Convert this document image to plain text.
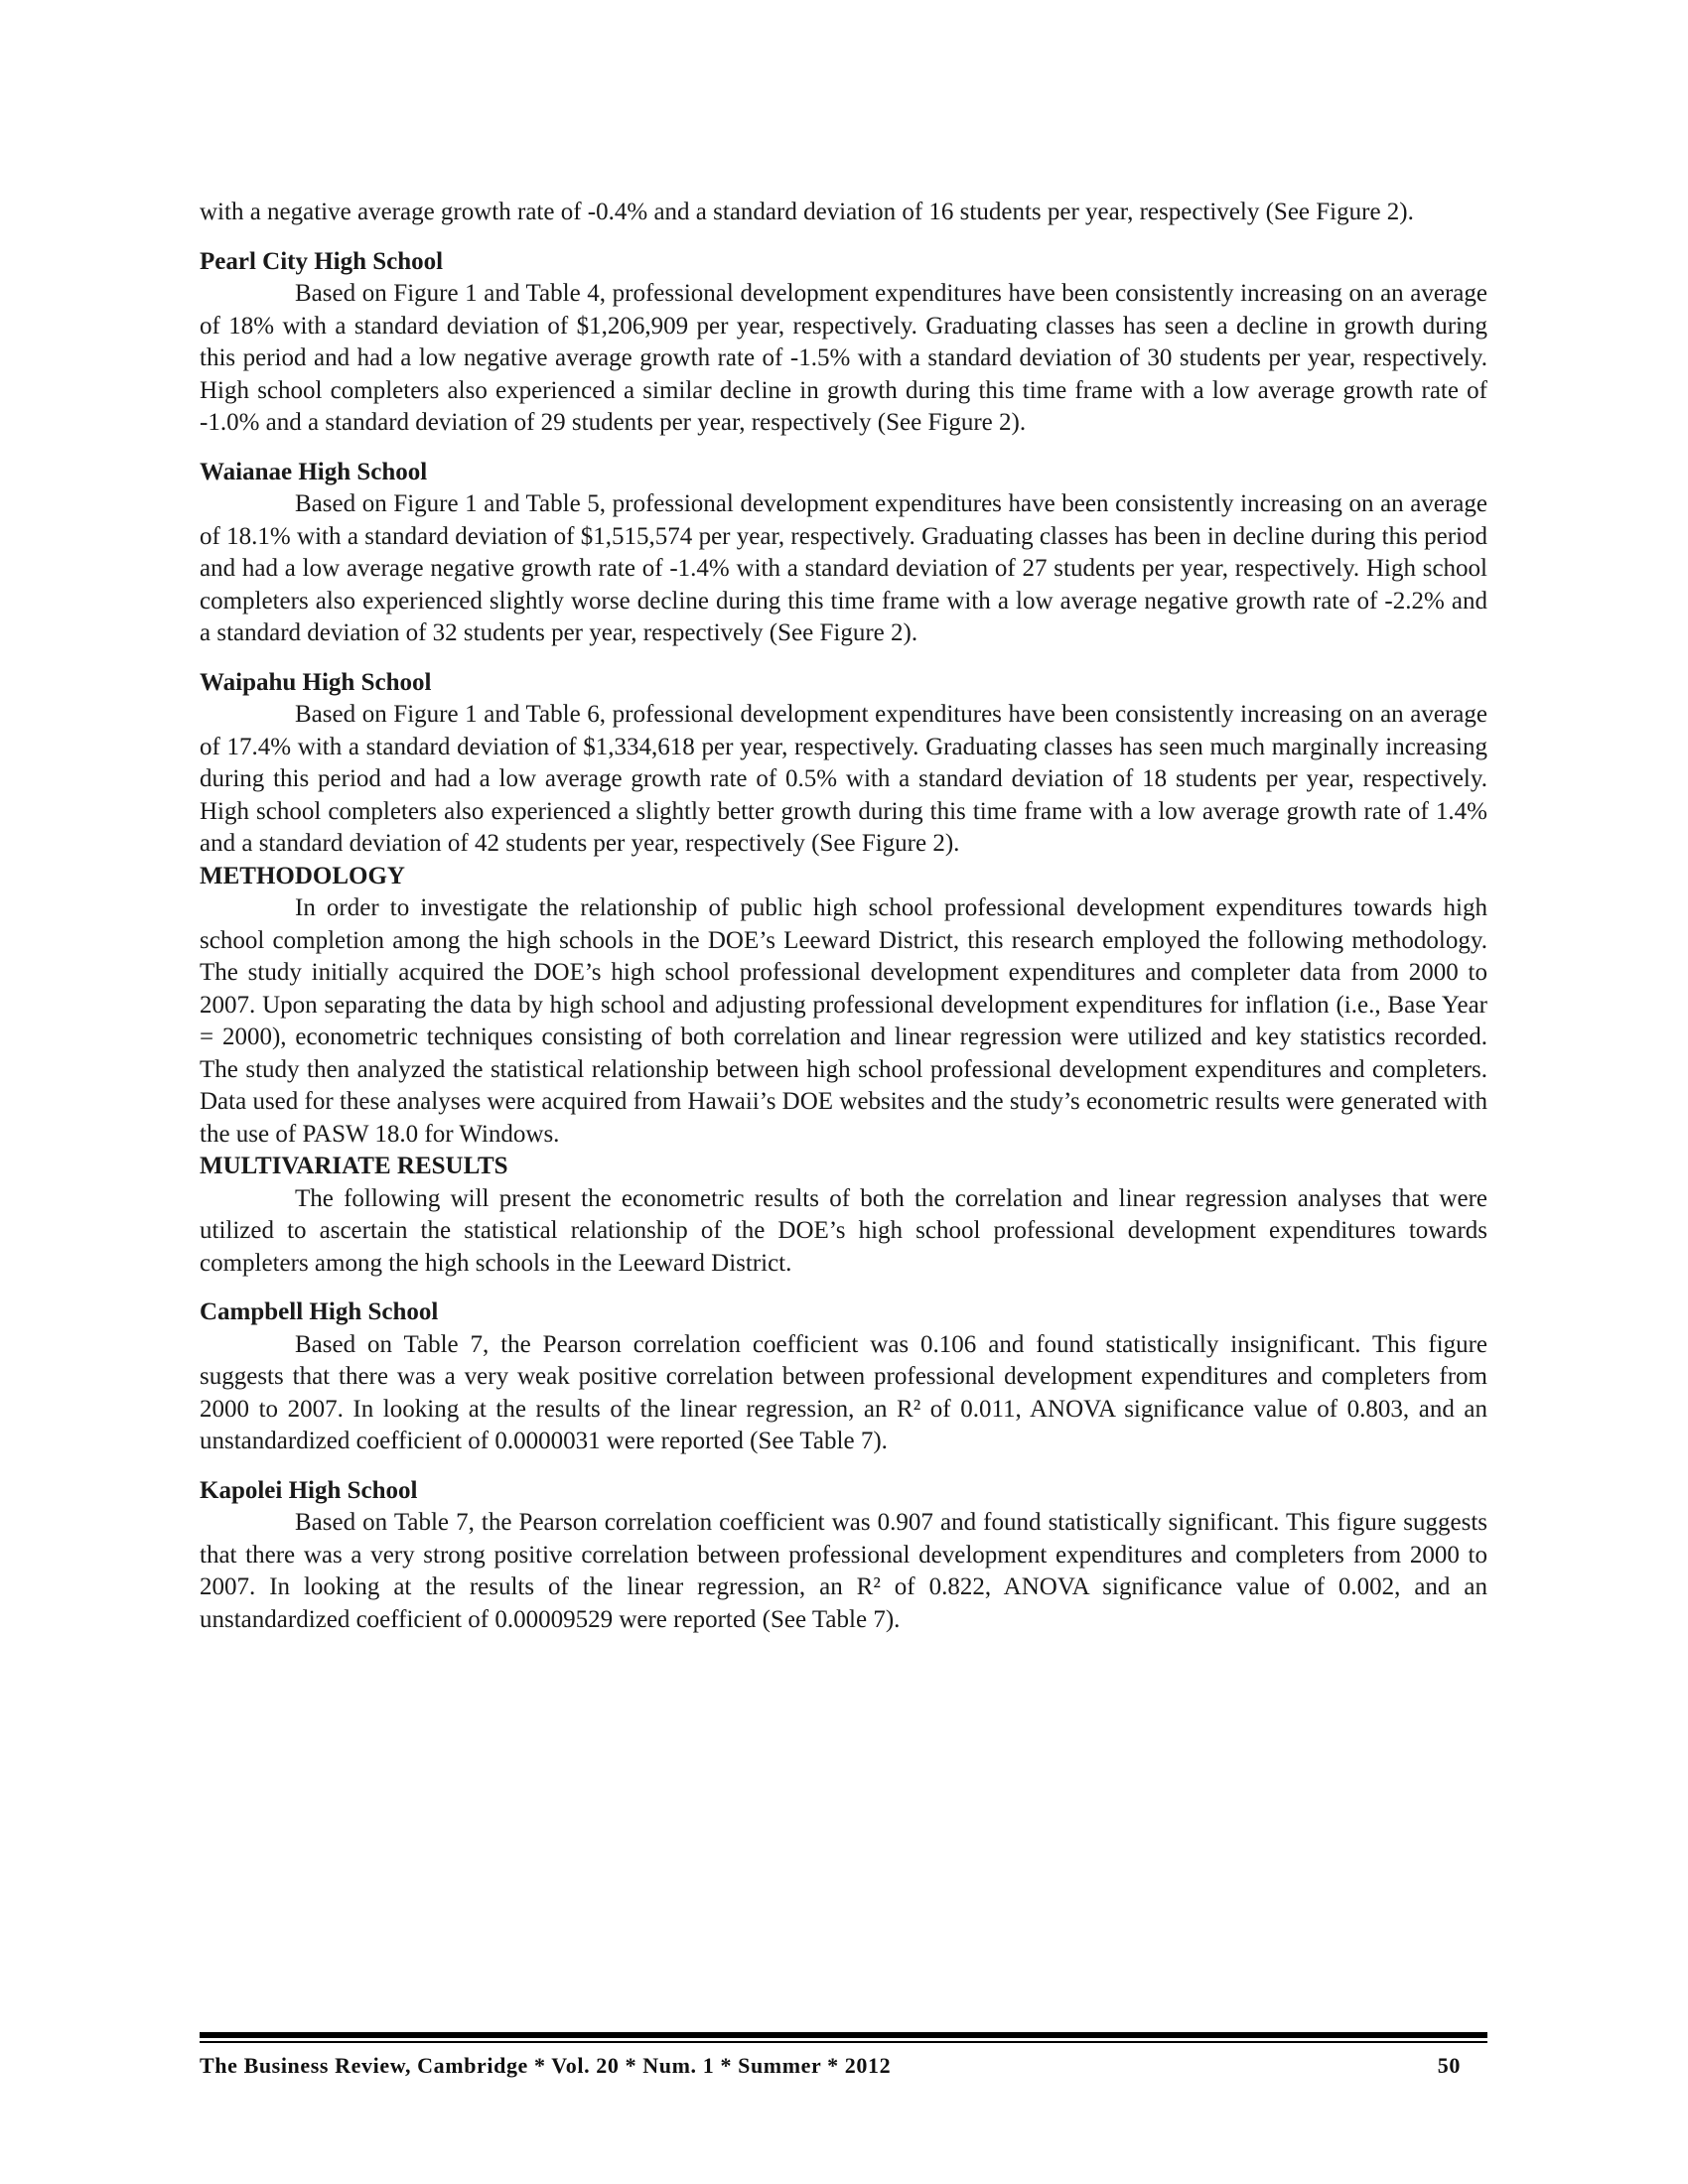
with a negative average growth rate of -0.4% and a standard deviation of 16 students per year, respectively (See Figure 2).

Pearl City High School

Based on Figure 1 and Table 4, professional development expenditures have been consistently increasing on an average of 18% with a standard deviation of $1,206,909 per year, respectively. Graduating classes has seen a decline in growth during this period and had a low negative average growth rate of -1.5% with a standard deviation of 30 students per year, respectively. High school completers also experienced a similar decline in growth during this time frame with a low average growth rate of -1.0% and a standard deviation of 29 students per year, respectively (See Figure 2).

Waianae High School

Based on Figure 1 and Table 5, professional development expenditures have been consistently increasing on an average of 18.1% with a standard deviation of $1,515,574 per year, respectively. Graduating classes has been in decline during this period and had a low average negative growth rate of -1.4% with a standard deviation of 27 students per year, respectively. High school completers also experienced slightly worse decline during this time frame with a low average negative growth rate of -2.2% and a standard deviation of 32 students per year, respectively (See Figure 2).

Waipahu High School

Based on Figure 1 and Table 6, professional development expenditures have been consistently increasing on an average of 17.4% with a standard deviation of $1,334,618 per year, respectively. Graduating classes has seen much marginally increasing during this period and had a low average growth rate of 0.5% with a standard deviation of 18 students per year, respectively. High school completers also experienced a slightly better growth during this time frame with a low average growth rate of 1.4% and a standard deviation of 42 students per year, respectively (See Figure 2).

METHODOLOGY

In order to investigate the relationship of public high school professional development expenditures towards high school completion among the high schools in the DOE’s Leeward District, this research employed the following methodology. The study initially acquired the DOE’s high school professional development expenditures and completer data from 2000 to 2007. Upon separating the data by high school and adjusting professional development expenditures for inflation (i.e., Base Year = 2000), econometric techniques consisting of both correlation and linear regression were utilized and key statistics recorded. The study then analyzed the statistical relationship between high school professional development expenditures and completers. Data used for these analyses were acquired from Hawaii’s DOE websites and the study’s econometric results were generated with the use of PASW 18.0 for Windows.

MULTIVARIATE RESULTS

The following will present the econometric results of both the correlation and linear regression analyses that were utilized to ascertain the statistical relationship of the DOE’s high school professional development expenditures towards completers among the high schools in the Leeward District.

Campbell High School

Based on Table 7, the Pearson correlation coefficient was 0.106 and found statistically insignificant. This figure suggests that there was a very weak positive correlation between professional development expenditures and completers from 2000 to 2007. In looking at the results of the linear regression, an R² of 0.011, ANOVA significance value of 0.803, and an unstandardized coefficient of 0.0000031 were reported (See Table 7).

Kapolei High School

Based on Table 7, the Pearson correlation coefficient was 0.907 and found statistically significant. This figure suggests that there was a very strong positive correlation between professional development expenditures and completers from 2000 to 2007. In looking at the results of the linear regression, an R² of 0.822, ANOVA significance value of 0.002, and an unstandardized coefficient of 0.00009529 were reported (See Table 7).

The Business Review, Cambridge * Vol. 20 * Num. 1 * Summer * 2012	50
